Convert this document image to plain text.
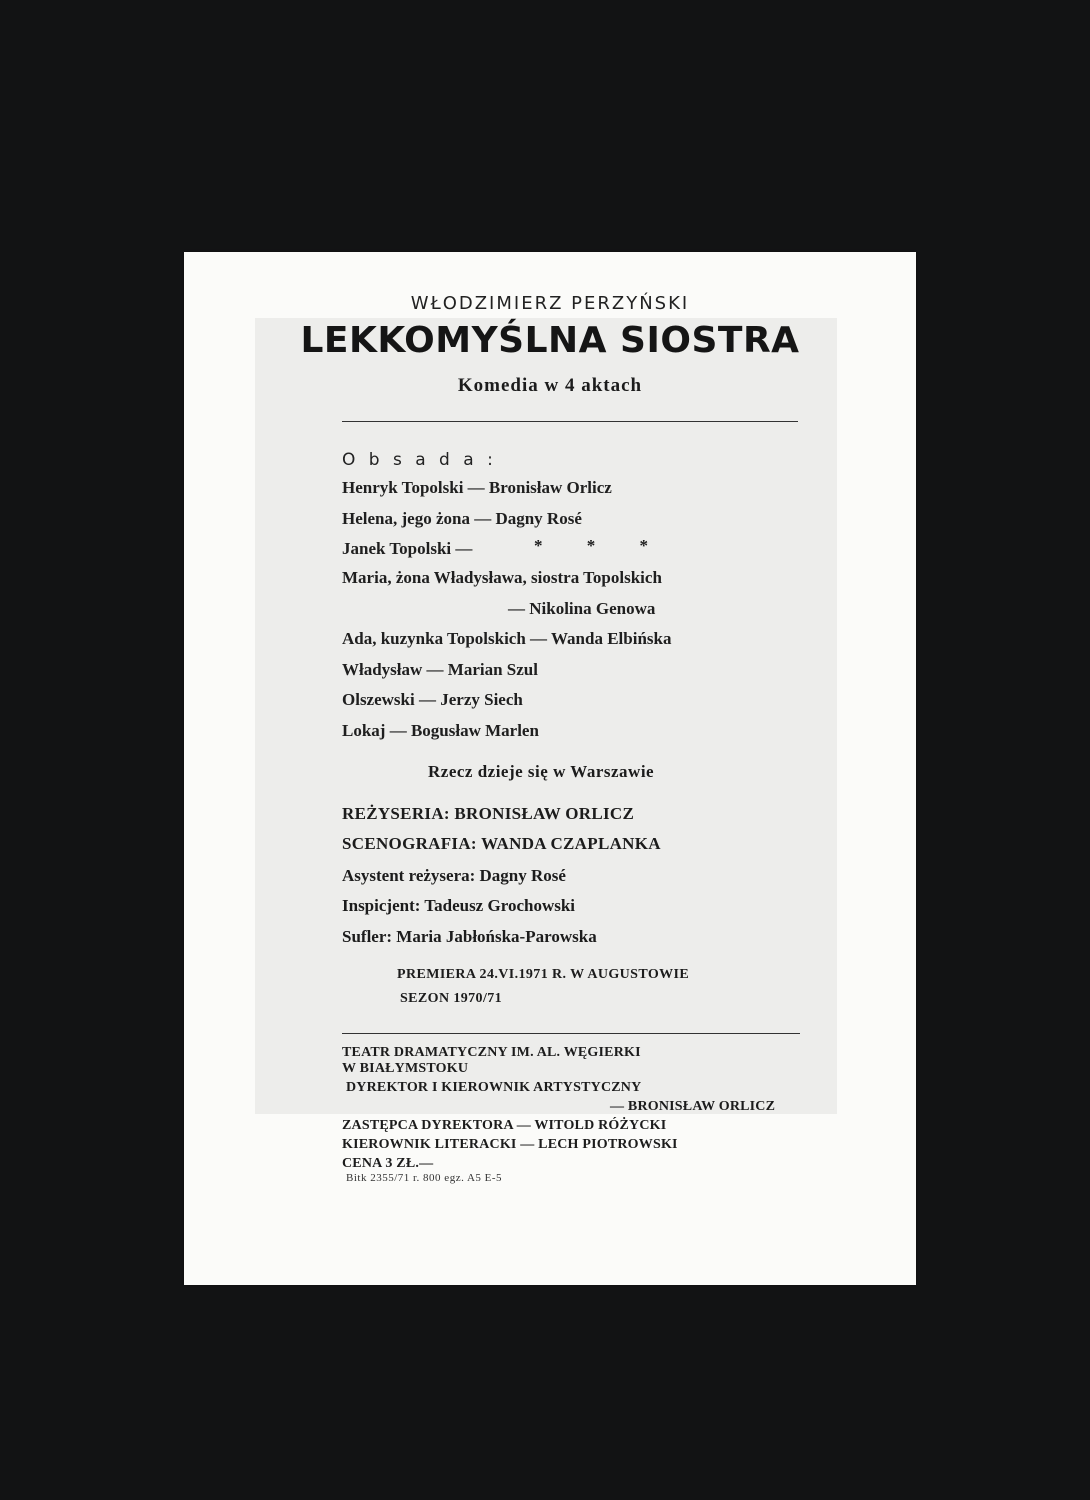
WŁODZIMIERZ PERZYŃSKI
LEKKOMYŚLNA SIOSTRA
Komedia w 4 aktach
O b s a d a :
Henryk Topolski — Bronisław Orlicz
Helena, jego żona — Dagny Rosé
Janek Topolski —	* * *
Maria, żona Władysława, siostra Topolskich
— Nikolina Genowa
Ada, kuzynka Topolskich — Wanda Elbińska
Władysław — Marian Szul
Olszewski — Jerzy Siech
Lokaj — Bogusław Marlen
Rzecz dzieje się w Warszawie
REŻYSERIA: BRONISŁAW ORLICZ
SCENOGRAFIA: WANDA CZAPLANKA
Asystent reżysera: Dagny Rosé
Inspicjent: Tadeusz Grochowski
Sufler: Maria Jabłońska-Parowska
PREMIERA 24.VI.1971 R. W AUGUSTOWIE
SEZON 1970/71
TEATR DRAMATYCZNY IM. AL. WĘGIERKI
W BIAŁYMSTOKU
DYREKTOR I KIEROWNIK ARTYSTYCZNY
— BRONISŁAW ORLICZ
ZASTĘPCA DYREKTORA — WITOLD RÓŻYCKI
KIEROWNIK LITERACKI — LECH PIOTROWSKI
CENA 3 ZŁ.—
Bitk 2355/71 r. 800 egz. A5 E-5
